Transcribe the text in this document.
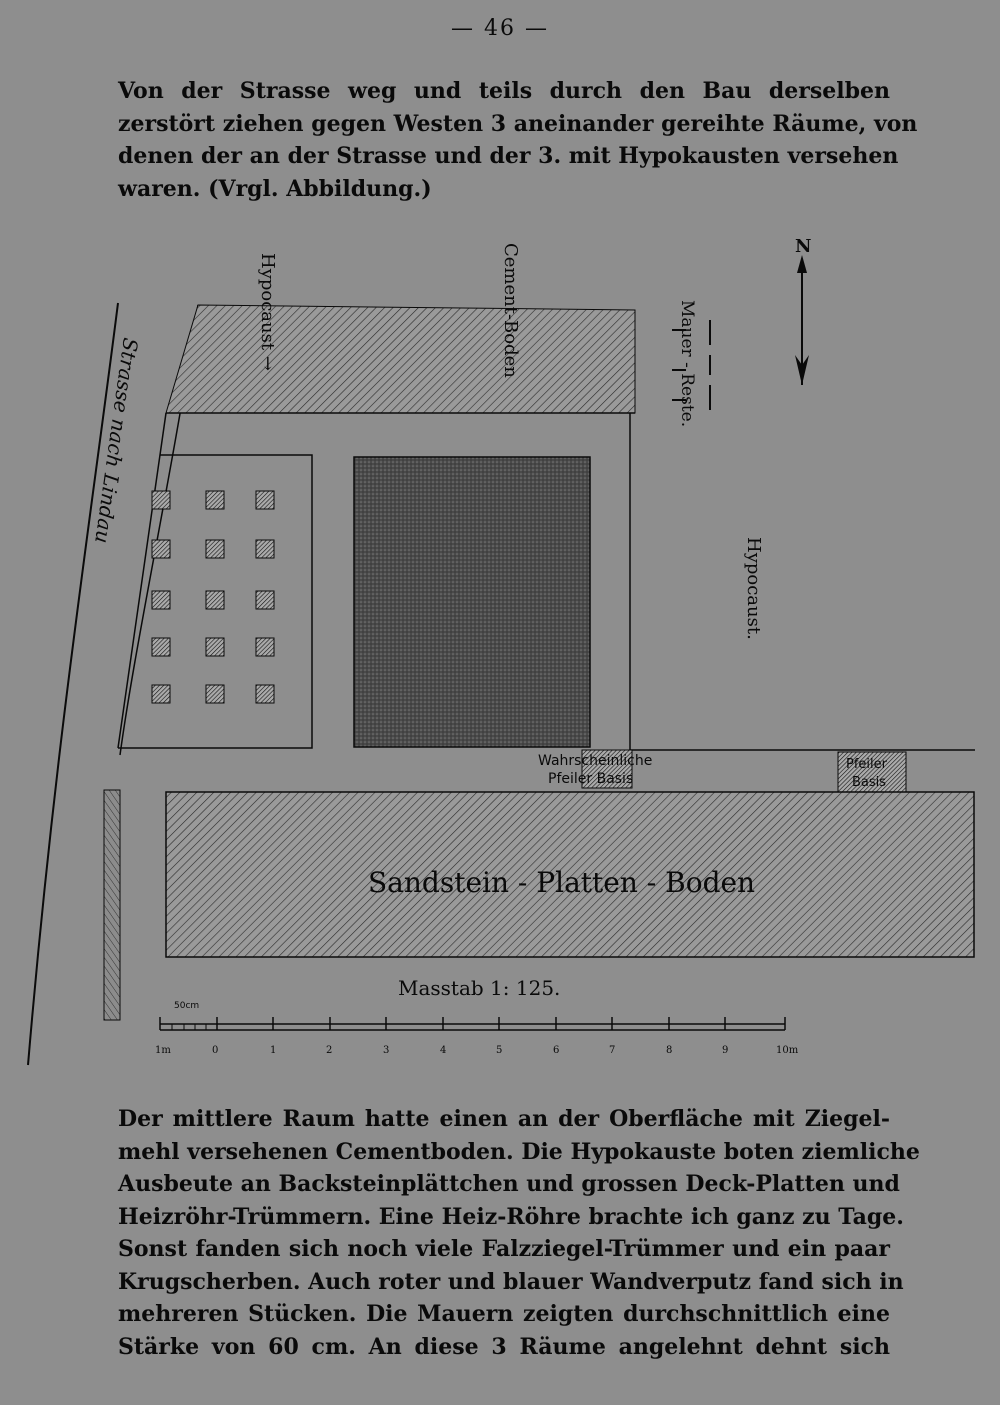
— 46 —
Von der Strasse weg und teils durch den Bau derselben
zerstört ziehen gegen Westen 3 aneinander gereihte Räume, von
denen der an der Strasse und der 3. mit Hypokausten versehen
waren. (Vrgl. Abbildung.)
N
Strasse nach Lindau
Hypocaust →	Cement-Boden	Mauer - Reste.
Hypocaust.
Wahrscheinliche
Pfeiler Basis
Pfeiler
Basis
Sandstein - Platten - Boden
Masstab 1: 125.
50cm
1m	0	1	2	3	4	5	6	7	8	9	10m
Der mittlere Raum hatte einen an der Oberfläche mit Ziegel-
mehl versehenen Cementboden. Die Hypokauste boten ziemliche
Ausbeute an Backsteinplättchen und grossen Deck-Platten und
Heizröhr-Trümmern. Eine Heiz-Röhre brachte ich ganz zu Tage.
Sonst fanden sich noch viele Falzziegel-Trümmer und ein paar
Krugscherben. Auch roter und blauer Wandverputz fand sich in
mehreren Stücken. Die Mauern zeigten durchschnittlich eine
Stärke von 60 cm. An diese 3 Räume angelehnt dehnt sich
